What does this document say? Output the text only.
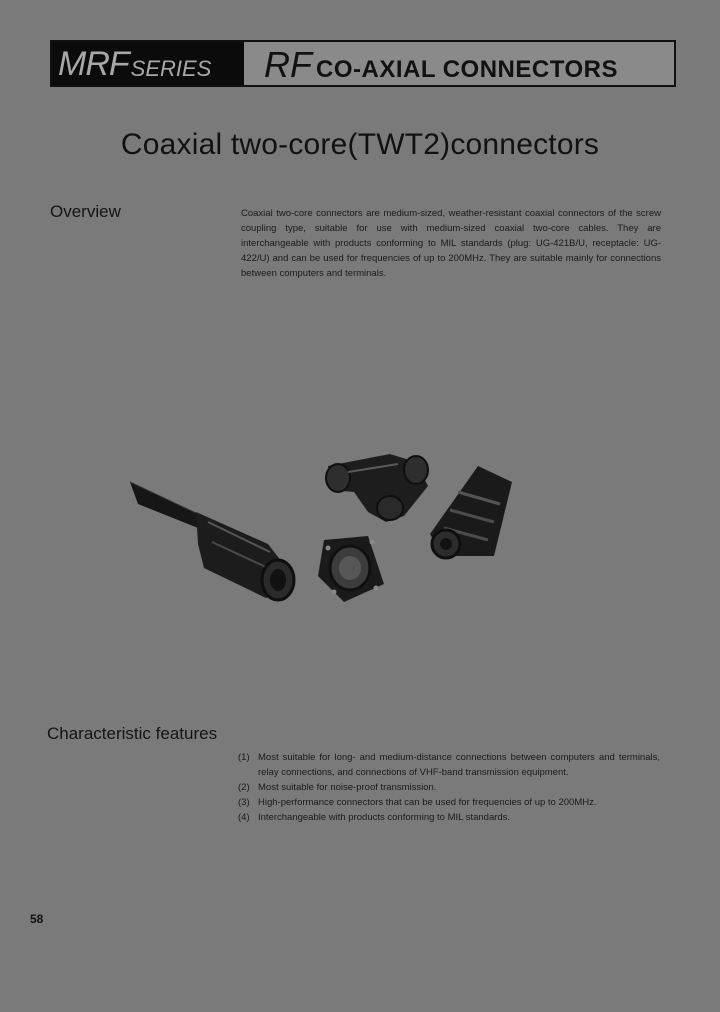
MRF SERIES RF CO-AXIAL CONNECTORS
Coaxial two-core(TWT2)connectors
Overview	Coaxial two-core connectors are medium-sized, weather-resistant coaxial connectors of the screw coupling type, suitable for use with medium-sized coaxial two-core cables. They are interchangeable with products conforming to MIL standards (plug: UG-421B/U, receptacle: UG-422/U) and can be used for frequencies of up to 200MHz. They are suitable mainly for connections between computers and terminals.
Characteristic features
(1) Most suitable for long- and medium-distance connections between computers and terminals, relay connections, and connections of VHF-band transmission equipment.
(2) Most suitable for noise-proof transmission.
(3) High-performance connectors that can be used for frequencies of up to 200MHz.
(4) Interchangeable with products conforming to MIL standards.
58
